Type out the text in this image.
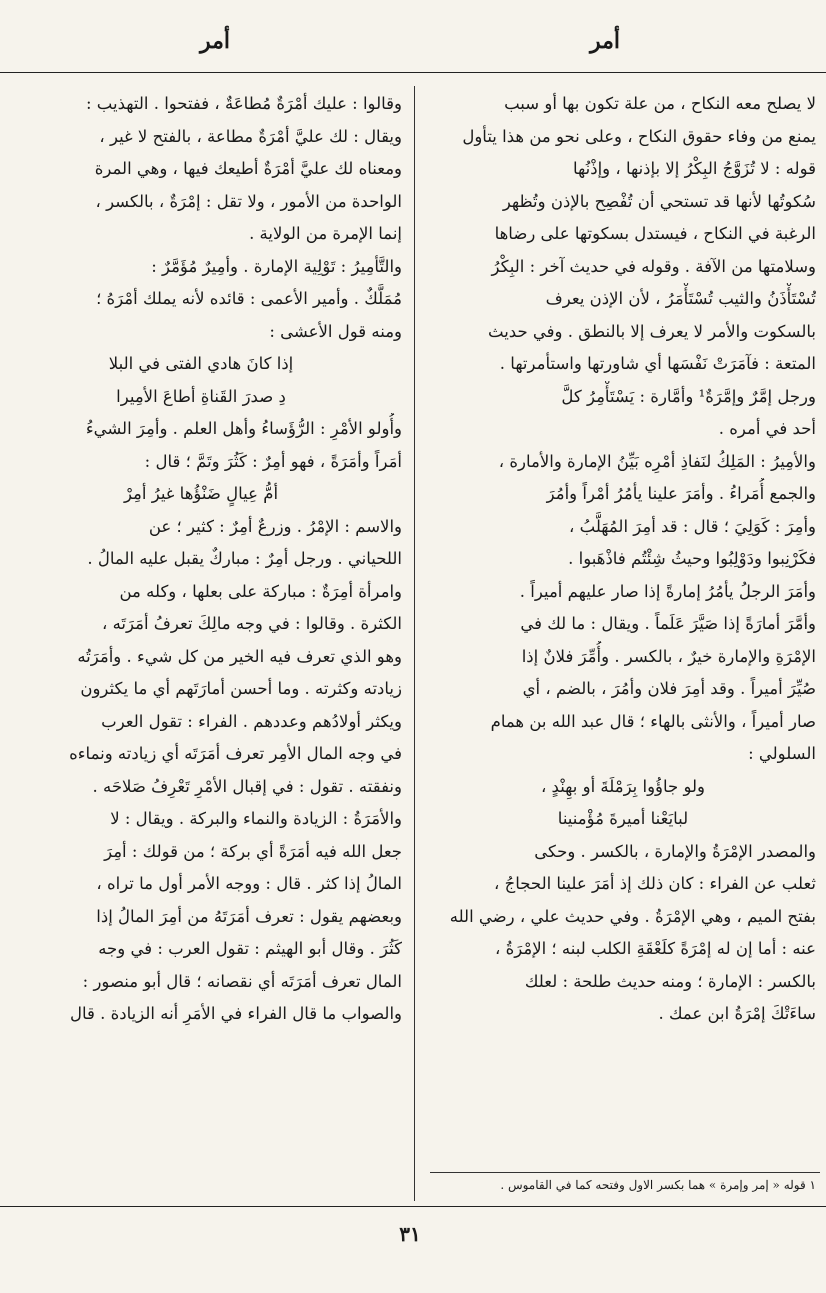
أمر
أمر
لا يصلح معه النكاح ، من علة تكون بها أو سبب
يمنع من وفاء حقوق النكاح ، وعلى نحو من هذا يتأول
قوله : لا تُزَوَّجُ البِكْرُ إلا بإذنها ، وإذْنُها
سُكوتُها لأنها قد تستحي أن تُفْصِح بالإذن وتُظهر
الرغبة في النكاح ، فيستدل بسكوتها على رضاها
وسلامتها من الآفة . وقوله في حديث آخر : البِكْرُ
تُسْتَأْذَنُ والثيب تُسْتَأْمَرُ ، لأن الإذن يعرف
بالسكوت والأمر لا يعرف إلا بالنطق . وفي حديث
المتعة : فآمَرَتْ نَفْسَها أي شاورتها واستأمرتها .
ورجل إمَّرٌ وإمَّرَةٌ¹ وأمَّارة : يَسْتَأْمِرُ كلَّ
أحد في أمره .
والأمِيرُ : المَلِكُ لنَفاذِ أمْرِه بَيِّنُ الإمارة والأمارة ،
والجمع أُمَراءُ . وأمَرَ علينا يأمُرُ أمْراً وأمُرَ
وأمِرَ : كَوَلِيَ ؛ قال : قد أمِرَ المُهَلَّبُ ،
فكَرْنِبوا ودَوْلِبُوا وحيثُ شِئْتُم فاذْهَبوا .
وأمَرَ الرجلُ يأمُرُ إمارةً إذا صار عليهم أميراً .
وأمَّرَ أمارَةً إذا صَيَّرَ عَلَماً . ويقال : ما لك في
الإمْرَةِ والإمارة خيرٌ ، بالكسر . وأُمِّرَ فلانٌ إذا
صُيِّرَ أميراً . وقد أمِرَ فلان وأمُرَ ، بالضم ، أي
صار أميراً ، والأنثى بالهاء ؛ قال عبد الله بن همام
السلولي :
ولو جاؤُوا بِرَمْلَةَ أو بهِنْدٍ ،
لبايَعْنا أميرةَ مُؤْمنينا
والمصدر الإمْرَةُ والإمارة ، بالكسر . وحكى
ثعلب عن الفراء : كان ذلك إذ أمَرَ علينا الحجاجُ ،
بفتح الميم ، وهي الإمْرَةُ . وفي حديث علي ، رضي الله
عنه : أما إن له إمْرَةً كلَعْقَةِ الكلب لبنه ؛ الإمْرَةُ ،
بالكسر : الإمارة ؛ ومنه حديث طلحة : لعلك
ساءَتْكَ إمْرَةُ ابن عمك .
وقالوا : عليك أمْرَةٌ مُطاعَةٌ ، ففتحوا . التهذيب :
ويقال : لك عليَّ أمْرَةٌ مطاعة ، بالفتح لا غير ،
ومعناه لك عليَّ أمْرَةٌ أطيعك فيها ، وهي المرة
الواحدة من الأمور ، ولا تقل : إمْرَةٌ ، بالكسر ،
إنما الإمرة من الولاية .
والتَّأمِيرُ : تَوْلِية الإمارة . وأمِيرٌ مُؤَمَّرٌ :
مُمَلَّكٌ . وأمير الأعمى : قائده لأنه يملك أمْرَهُ ؛
ومنه قول الأعشى :
إذا كانَ هادي الفتى في البلا
دِ صدرَ القَناةِ أطاعَ الأمِيرا
وأُولو الأمْرِ : الرُّؤَساءُ وأهل العلم . وأمِرَ الشيءُ
أمَراً وأمَرَةً ، فهو أمِرٌ : كَثُرَ وتَمَّ ؛ قال :
أمُّ عِيالٍ ضَنْؤُها غيرُ أمِرْ
والاسم : الإمْرُ . وزرعٌ أمِرٌ : كثير ؛ عن
اللحياني . ورجل أمِرٌ : مباركٌ يقبل عليه المالُ .
وامرأة أمِرَةٌ : مباركة على بعلها ، وكله من
الكثرة . وقالوا : في وجه مالِكَ تعرفُ أمَرَتَه ،
وهو الذي تعرف فيه الخير من كل شيء . وأمَرَتُه
زيادته وكثرته . وما أحسن أمارَتَهم أي ما يكثرون
ويكثر أولادُهم وعددهم . الفراء : تقول العرب
في وجه المال الأمِر تعرف أمَرَتَه أي زيادته ونماءه
ونفقته . تقول : في إقبال الأمْرِ تَعْرِفُ صَلاحَه .
والأمَرَةُ : الزيادة والنماء والبركة . ويقال : لا
جعل الله فيه أمَرَةً أي بركة ؛ من قولك : أمِرَ
المالُ إذا كثر . قال : ووجه الأمر أول ما تراه ،
وبعضهم يقول : تعرف أمَرَتَهُ من أمِرَ المالُ إذا
كَثُرَ . وقال أبو الهيثم : تقول العرب : في وجه
المال تعرف أمَرَتَه أي نقصانه ؛ قال أبو منصور :
والصواب ما قال الفراء في الأمَرِ أنه الزيادة . قال
١ قوله « إمر وإمرة » هما بكسر الاول وفتحه كما في القاموس .
٣١
